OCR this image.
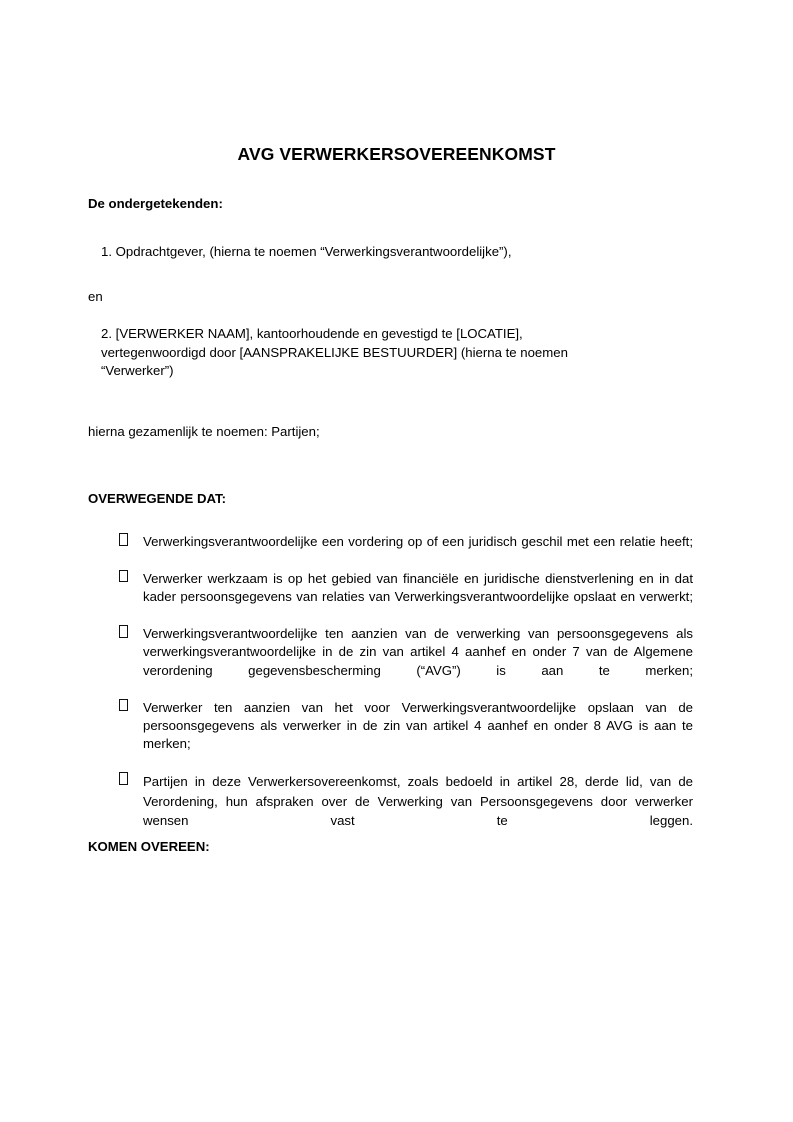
AVG VERWERKERSOVEREENKOMST
De ondergetekenden:
1. Opdrachtgever, (hierna te noemen “Verwerkingsverantwoordelijke”),
en
2. [VERWERKER NAAM], kantoorhoudende en gevestigd te [LOCATIE], vertegenwoordigd door [AANSPRAKELIJKE BESTUURDER] (hierna te noemen “Verwerker”)
hierna gezamenlijk te noemen: Partijen;
OVERWEGENDE DAT:
Verwerkingsverantwoordelijke een vordering op of een juridisch geschil met een relatie heeft;
Verwerker werkzaam is op het gebied van financiële en juridische dienstverlening en in dat kader persoonsgegevens van relaties van Verwerkingsverantwoordelijke opslaat en verwerkt;
Verwerkingsverantwoordelijke ten aanzien van de verwerking van persoonsgegevens als verwerkingsverantwoordelijke in de zin van artikel 4 aanhef en onder 7 van de Algemene verordening gegevensbescherming (“AVG”) is aan te merken;
Verwerker ten aanzien van het voor Verwerkingsverantwoordelijke opslaan van de persoonsgegevens als verwerker in de zin van artikel 4 aanhef en onder 8 AVG is aan te merken;
Partijen in deze Verwerkersovereenkomst, zoals bedoeld in artikel 28, derde lid, van de Verordening, hun afspraken over de Verwerking van Persoonsgegevens door verwerker wensen vast te leggen.
KOMEN OVEREEN:
